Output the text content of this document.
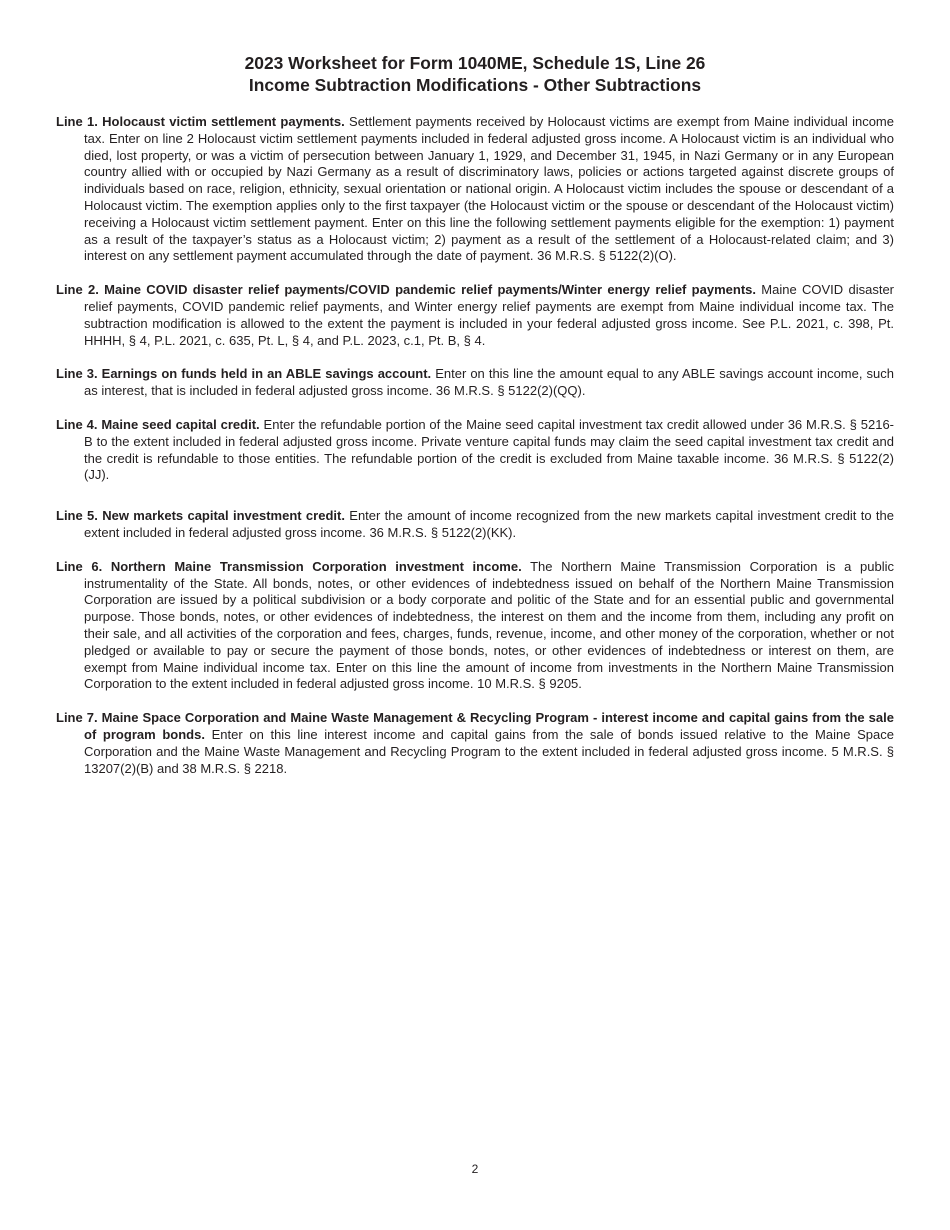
2023 Worksheet for Form 1040ME, Schedule 1S, Line 26
Income Subtraction Modifications - Other Subtractions

Line 1. Holocaust victim settlement payments. Settlement payments received by Holocaust victims are exempt from Maine individual income tax. Enter on line 2 Holocaust victim settlement payments included in federal adjusted gross income. A Holocaust victim is an individual who died, lost property, or was a victim of persecution between January 1, 1929, and December 31, 1945, in Nazi Germany or in any European country allied with or occupied by Nazi Germany as a result of discriminatory laws, policies or actions targeted against discrete groups of individuals based on race, religion, ethnicity, sexual orientation or national origin. A Holocaust victim includes the spouse or descendant of a Holocaust victim. The exemption applies only to the first taxpayer (the Holocaust victim or the spouse or descendant of the Holocaust victim) receiving a Holocaust victim settlement payment. Enter on this line the following settlement payments eligible for the exemption: 1) payment as a result of the taxpayer’s status as a Holocaust victim; 2) payment as a result of the settlement of a Holocaust-related claim; and 3) interest on any settlement payment accumulated through the date of payment. 36 M.R.S. § 5122(2)(O).

Line 2. Maine COVID disaster relief payments/COVID pandemic relief payments/Winter energy relief payments. Maine COVID disaster relief payments, COVID pandemic relief payments, and Winter energy relief payments are exempt from Maine individual income tax. The subtraction modification is allowed to the extent the payment is included in your federal adjusted gross income. See P.L. 2021, c. 398, Pt. HHHH, § 4, P.L. 2021, c. 635, Pt. L, § 4, and P.L. 2023, c.1, Pt. B, § 4.

Line 3. Earnings on funds held in an ABLE savings account. Enter on this line the amount equal to any ABLE savings account income, such as interest, that is included in federal adjusted gross income. 36 M.R.S. § 5122(2)(QQ).

Line 4. Maine seed capital credit. Enter the refundable portion of the Maine seed capital investment tax credit allowed under 36 M.R.S. § 5216-B to the extent included in federal adjusted gross income. Private venture capital funds may claim the seed capital investment tax credit and the credit is refundable to those entities. The refundable portion of the credit is excluded from Maine taxable income. 36 M.R.S. § 5122(2)(JJ).

Line 5. New markets capital investment credit. Enter the amount of income recognized from the new markets capital investment credit to the extent included in federal adjusted gross income. 36 M.R.S. § 5122(2)(KK).

Line 6. Northern Maine Transmission Corporation investment income. The Northern Maine Transmission Corporation is a public instrumentality of the State. All bonds, notes, or other evidences of indebtedness issued on behalf of the Northern Maine Transmission Corporation are issued by a political subdivision or a body corporate and politic of the State and for an essential public and governmental purpose. Those bonds, notes, or other evidences of indebtedness, the interest on them and the income from them, including any profit on their sale, and all activities of the corporation and fees, charges, funds, revenue, income, and other money of the corporation, whether or not pledged or available to pay or secure the payment of those bonds, notes, or other evidences of indebtedness or interest on them, are exempt from Maine individual income tax. Enter on this line the amount of income from investments in the Northern Maine Transmission Corporation to the extent included in federal adjusted gross income. 10 M.R.S. § 9205.

Line 7. Maine Space Corporation and Maine Waste Management & Recycling Program - interest income and capital gains from the sale of program bonds. Enter on this line interest income and capital gains from the sale of bonds issued relative to the Maine Space Corporation and the Maine Waste Management and Recycling Program to the extent included in federal adjusted gross income. 5 M.R.S. § 13207(2)(B) and 38 M.R.S. § 2218.

2
